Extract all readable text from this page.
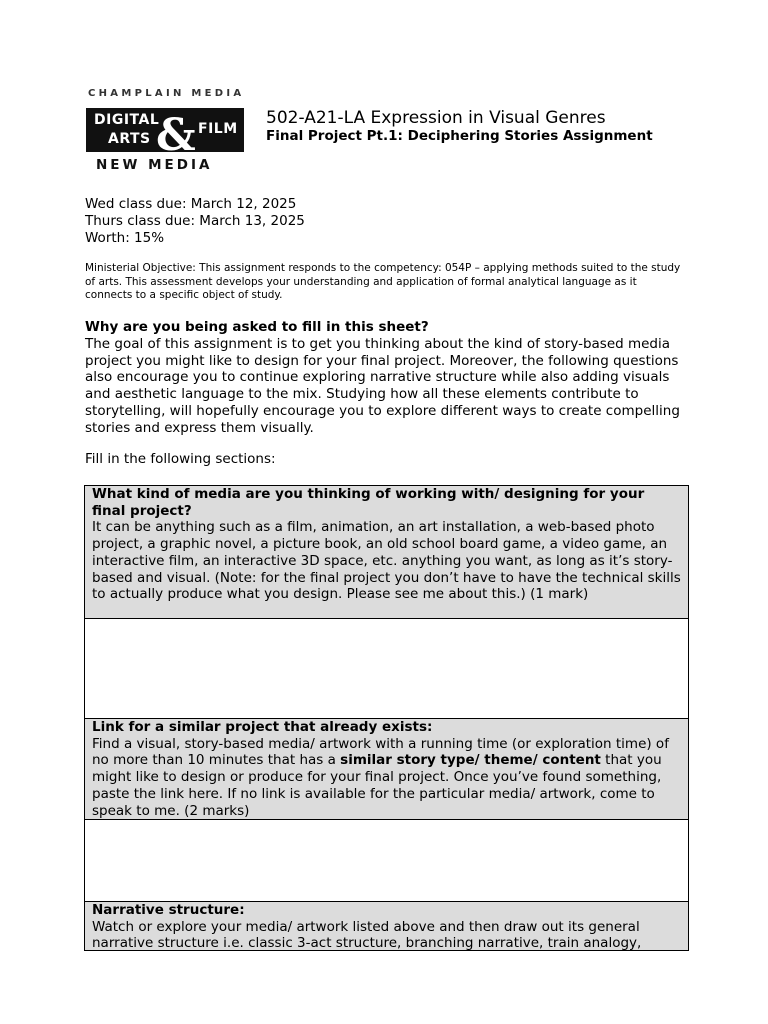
CHAMPLAIN MEDIA
DIGITAL
ARTS & FILM
NEW MEDIA
502-A21-LA Expression in Visual Genres
Final Project Pt.1: Deciphering Stories Assignment
Wed class due: March 12, 2025
Thurs class due: March 13, 2025
Worth: 15%
Ministerial Objective: This assignment responds to the competency: 054P – applying methods suited to the study of arts. This assessment develops your understanding and application of formal analytical language as it connects to a specific object of study.
Why are you being asked to fill in this sheet?
The goal of this assignment is to get you thinking about the kind of story-based media project you might like to design for your final project. Moreover, the following questions also encourage you to continue exploring narrative structure while also adding visuals and aesthetic language to the mix. Studying how all these elements contribute to storytelling, will hopefully encourage you to explore different ways to create compelling stories and express them visually.
Fill in the following sections:
What kind of media are you thinking of working with/ designing for your final project?
It can be anything such as a film, animation, an art installation, a web-based photo project, a graphic novel, a picture book, an old school board game, a video game, an interactive film, an interactive 3D space, etc. anything you want, as long as it’s story-based and visual. (Note: for the final project you don’t have to have the technical skills to actually produce what you design. Please see me about this.) (1 mark)
Link for a similar project that already exists:
Find a visual, story-based media/ artwork with a running time (or exploration time) of no more than 10 minutes that has a similar story type/ theme/ content that you might like to design or produce for your final project. Once you’ve found something, paste the link here. If no link is available for the particular media/ artwork, come to speak to me. (2 marks)
Narrative structure:
Watch or explore your media/ artwork listed above and then draw out its general narrative structure i.e. classic 3-act structure, branching narrative, train analogy,
